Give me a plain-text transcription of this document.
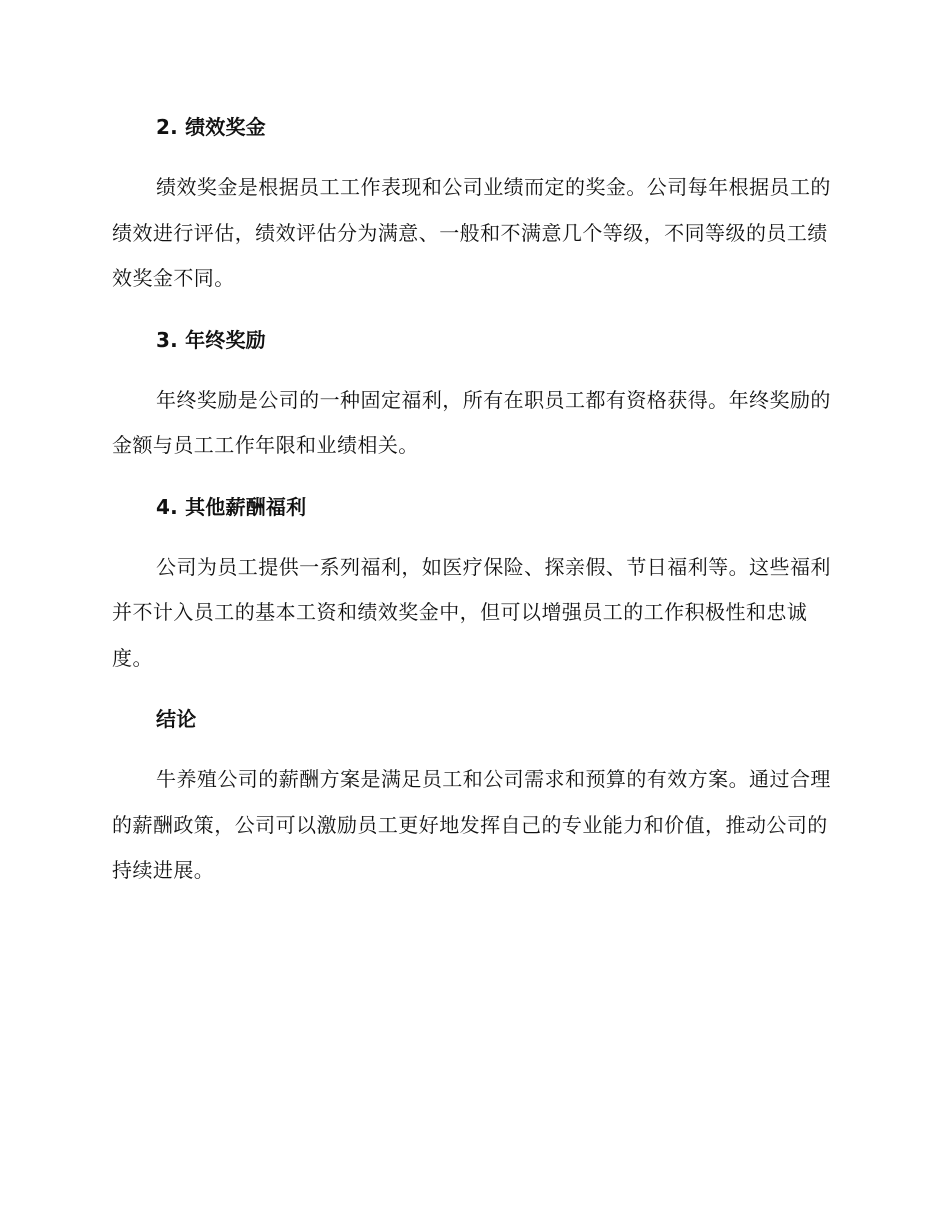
2. 绩效奖金

绩效奖金是根据员工工作表现和公司业绩而定的奖金。公司每年根据员工的绩效进行评估，绩效评估分为满意、一般和不满意几个等级，不同等级的员工绩效奖金不同。

3. 年终奖励

年终奖励是公司的一种固定福利，所有在职员工都有资格获得。年终奖励的金额与员工工作年限和业绩相关。

4. 其他薪酬福利

公司为员工提供一系列福利，如医疗保险、探亲假、节日福利等。这些福利并不计入员工的基本工资和绩效奖金中，但可以增强员工的工作积极性和忠诚度。

结论

牛养殖公司的薪酬方案是满足员工和公司需求和预算的有效方案。通过合理的薪酬政策，公司可以激励员工更好地发挥自己的专业能力和价值，推动公司的持续进展。
